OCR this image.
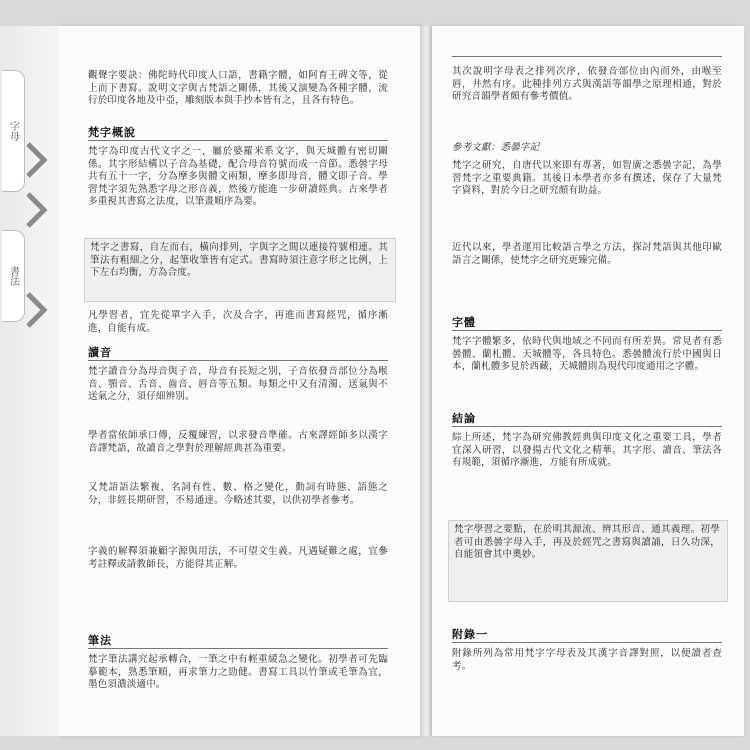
字母
書法

觀聲字要訣：佛陀時代印度人口語，書籍字體，如阿育王碑文等，從上而下書寫。說明文字與古梵語之關係，其後又演變為各種字體，流行於印度各地及中亞，雕刻版本與手抄本皆有之，且各有特色。

梵字概說

梵字為印度古代文字之一，屬於婆羅米系文字，與天城體有密切關係。其字形結構以子音為基礎，配合母音符號而成一音節。悉曇字母共有五十一字，分為摩多與體文兩類，摩多即母音，體文即子音。學習梵字須先熟悉字母之形音義，然後方能進一步研讀經典。古來學者多重視其書寫之法度，以筆畫順序為要。

梵字之書寫，自左而右，橫向排列，字與字之間以連接符號相連。其筆法有粗細之分，起筆收筆皆有定式。書寫時須注意字形之比例，上下左右均衡，方為合度。

凡學習者，宜先從單字入手，次及合字，再進而書寫經咒，循序漸進，自能有成。

讀音

梵字讀音分為母音與子音，母音有長短之別，子音依發音部位分為喉音、顎音、舌音、齒音、唇音等五類。每類之中又有清濁、送氣與不送氣之分，須仔細辨別。

學者當依師承口傳，反覆練習，以求發音準確。古來譯經師多以漢字音譯梵語，故讀音之學對於理解經典甚為重要。

又梵語語法繁複，名詞有性、數、格之變化，動詞有時態、語態之分，非經長期研習，不易通達。今略述其要，以供初學者參考。

字義的解釋須兼顧字源與用法，不可望文生義。凡遇疑難之處，宜參考註釋或請教師長，方能得其正解。

筆法

梵字筆法講究起承轉合，一筆之中有輕重緩急之變化。初學者可先臨摹範本，熟悉筆順，再求筆力之勁健。書寫工具以竹筆或毛筆為宜，墨色須濃淡適中。

其次說明字母表之排列次序，依發音部位由內而外，由喉至唇，井然有序。此種排列方式與漢語等韻學之原理相通，對於研究音韻學者頗有參考價值。

參考文獻：悉曇字記

梵字之研究，自唐代以來即有專著，如智廣之悉曇字記，為學習梵字之重要典籍。其後日本學者亦多有撰述，保存了大量梵字資料，對於今日之研究頗有助益。

近代以來，學者運用比較語言學之方法，探討梵語與其他印歐語言之關係，使梵字之研究更臻完備。

字體

梵字字體繁多，依時代與地域之不同而有所差異。常見者有悉曇體、蘭札體、天城體等，各具特色。悉曇體流行於中國與日本，蘭札體多見於西藏，天城體則為現代印度通用之字體。

結論

綜上所述，梵字為研究佛教經典與印度文化之重要工具，學者宜深入研習，以發揚古代文化之精華。其字形、讀音、筆法各有規範，須循序漸進，方能有所成就。

梵字學習之要點，在於明其源流、辨其形音、通其義理。初學者可由悉曇字母入手，再及於經咒之書寫與讀誦，日久功深，自能領會其中奧妙。

附錄一

附錄所列為常用梵字字母表及其漢字音譯對照，以便讀者查考。
